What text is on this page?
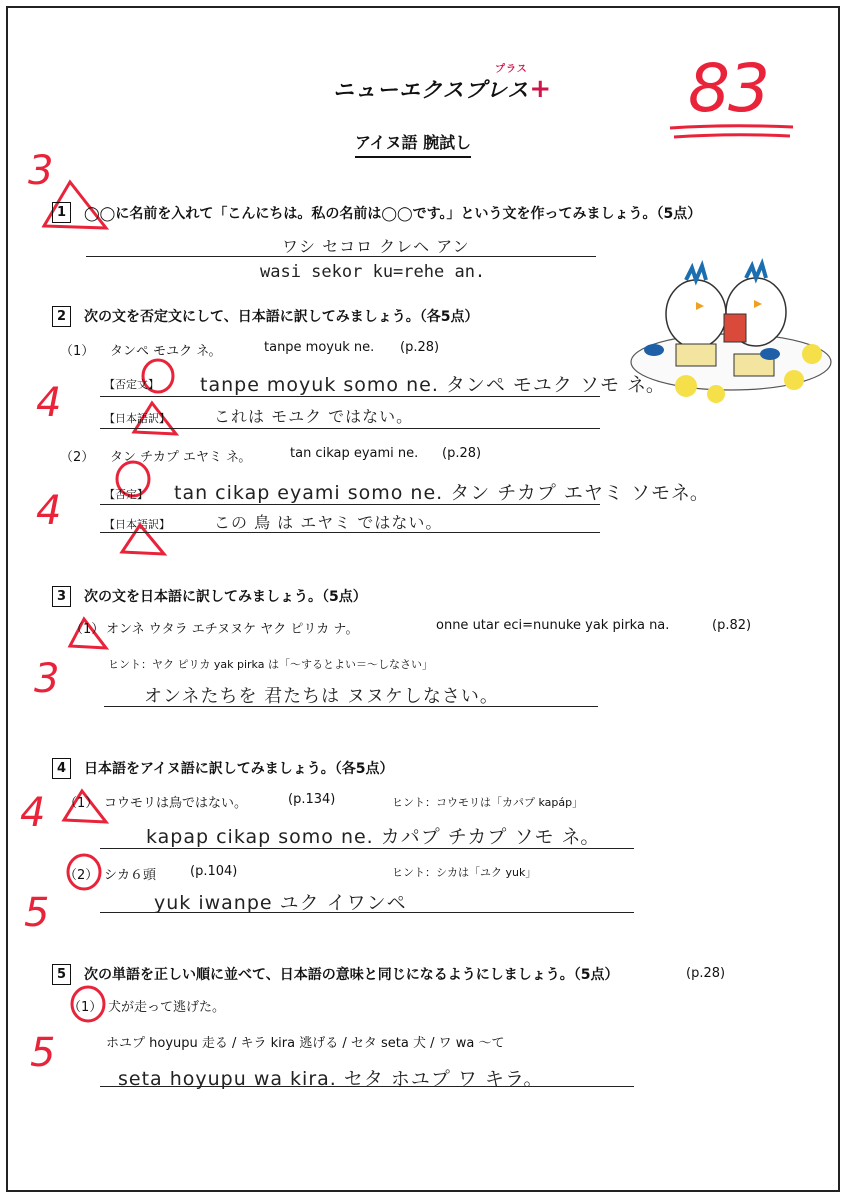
ニューエクスプレス+
プラス
アイヌ語 腕試し
83
3
1	◯◯に名前を入れて「こんにちは。私の名前は◯◯です。」という文を作ってみましょう。（5点）
ワシ セコロ クレヘ アン
wasi sekor ku=rehe an.
2	次の文を否定文にして、日本語に訳してみましょう。（各5点）
（1） タンペ モユク ネ。	tanpe moyuk ne. (p.28)
4	【否定文】 tanpe moyuk somo ne. タンペ モユク ソモ ネ。
【日本語訳】	これは モユク ではない。
（2） タン チカプ エヤミ ネ。	tan cikap eyami ne. (p.28)
4	【否定】 tan cikap eyami somo ne. タン チカプ エヤミ ソモネ。
【日本語訳】	この 鳥 は エヤミ ではない。
3	次の文を日本語に訳してみましょう。（5点）
（1） オンネ ウタラ エチヌヌケ ヤク ピリカ ナ。	onne utar eci=nunuke yak pirka na.	(p.82)
ヒント：ヤク ピリカ yak pirka は「～するとよい＝～しなさい」
3	オンネたちを 君たちは ヌヌケしなさい。
4	日本語をアイヌ語に訳してみましょう。（各5点）
4 （1） コウモリは鳥ではない。	(p.134)	ヒント：コウモリは「カパプ kapáp」
kapap cikap somo ne. カパプ チカプ ソモ ネ。
（2） シカ６頭	(p.104)	ヒント：シカは「ユク yuk」
5	yuk iwanpe ユク イワンペ
5	次の単語を正しい順に並べて、日本語の意味と同じになるようにしましょう。（5点）	(p.28)
（1） 犬が走って逃げた。
5	ホユプ hoyupu 走る / キラ kira 逃げる / セタ seta 犬 / ワ wa ～て
seta hoyupu wa kira. セタ ホユプ ワ キラ。
